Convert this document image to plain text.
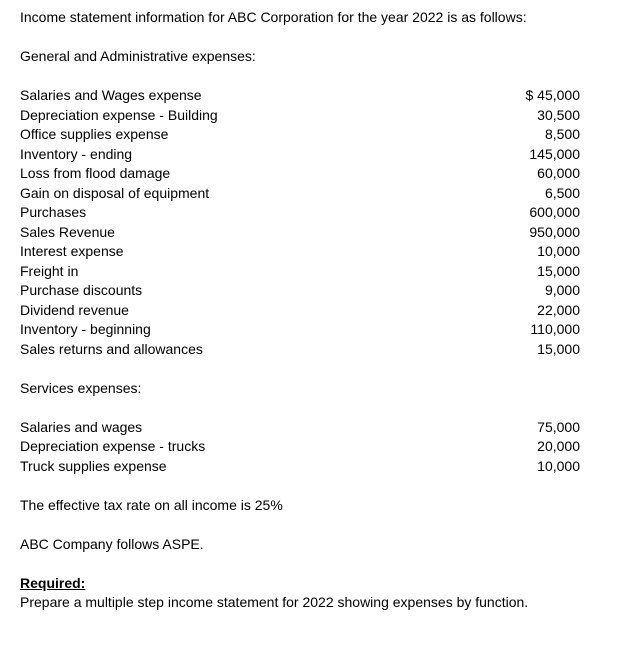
Income statement information for ABC Corporation for the year 2022 is as follows:
General and Administrative expenses:
Salaries and Wages expense	$ 45,000
Depreciation expense - Building	30,500
Office supplies expense	8,500
Inventory - ending	145,000
Loss from flood damage	60,000
Gain on disposal of equipment	6,500
Purchases	600,000
Sales Revenue	950,000
Interest expense	10,000
Freight in	15,000
Purchase discounts	9,000
Dividend revenue	22,000
Inventory - beginning	110,000
Sales returns and allowances	15,000
Services expenses:
Salaries and wages	75,000
Depreciation expense - trucks	20,000
Truck supplies expense	10,000
The effective tax rate on all income is 25%
ABC Company follows ASPE.
Required:
Prepare a multiple step income statement for 2022 showing expenses by function.
